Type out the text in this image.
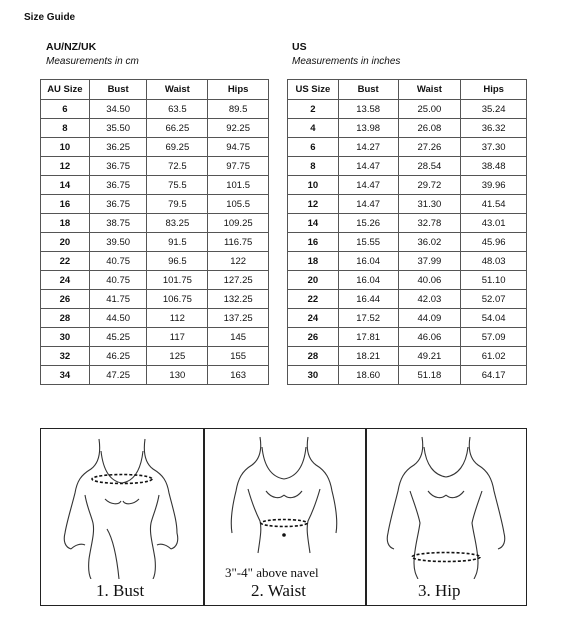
Size Guide
AU/NZ/UK
Measurements in cm
US
Measurements in inches
AU Size	Bust	Waist	Hips
6	34.50	63.5	89.5
8	35.50	66.25	92.25
10	36.25	69.25	94.75
12	36.75	72.5	97.75
14	36.75	75.5	101.5
16	36.75	79.5	105.5
18	38.75	83.25	109.25
20	39.50	91.5	116.75
22	40.75	96.5	122
24	40.75	101.75	127.25
26	41.75	106.75	132.25
28	44.50	112	137.25
30	45.25	117	145
32	46.25	125	155
34	47.25	130	163
US Size	Bust	Waist	Hips
2	13.58	25.00	35.24
4	13.98	26.08	36.32
6	14.27	27.26	37.30
8	14.47	28.54	38.48
10	14.47	29.72	39.96
12	14.47	31.30	41.54
14	15.26	32.78	43.01
16	15.55	36.02	45.96
18	16.04	37.99	48.03
20	16.04	40.06	51.10
22	16.44	42.03	52.07
24	17.52	44.09	54.04
26	17.81	46.06	57.09
28	18.21	49.21	61.02
30	18.60	51.18	64.17
1. Bust
3"-4" above navel
2. Waist	3. Hip
